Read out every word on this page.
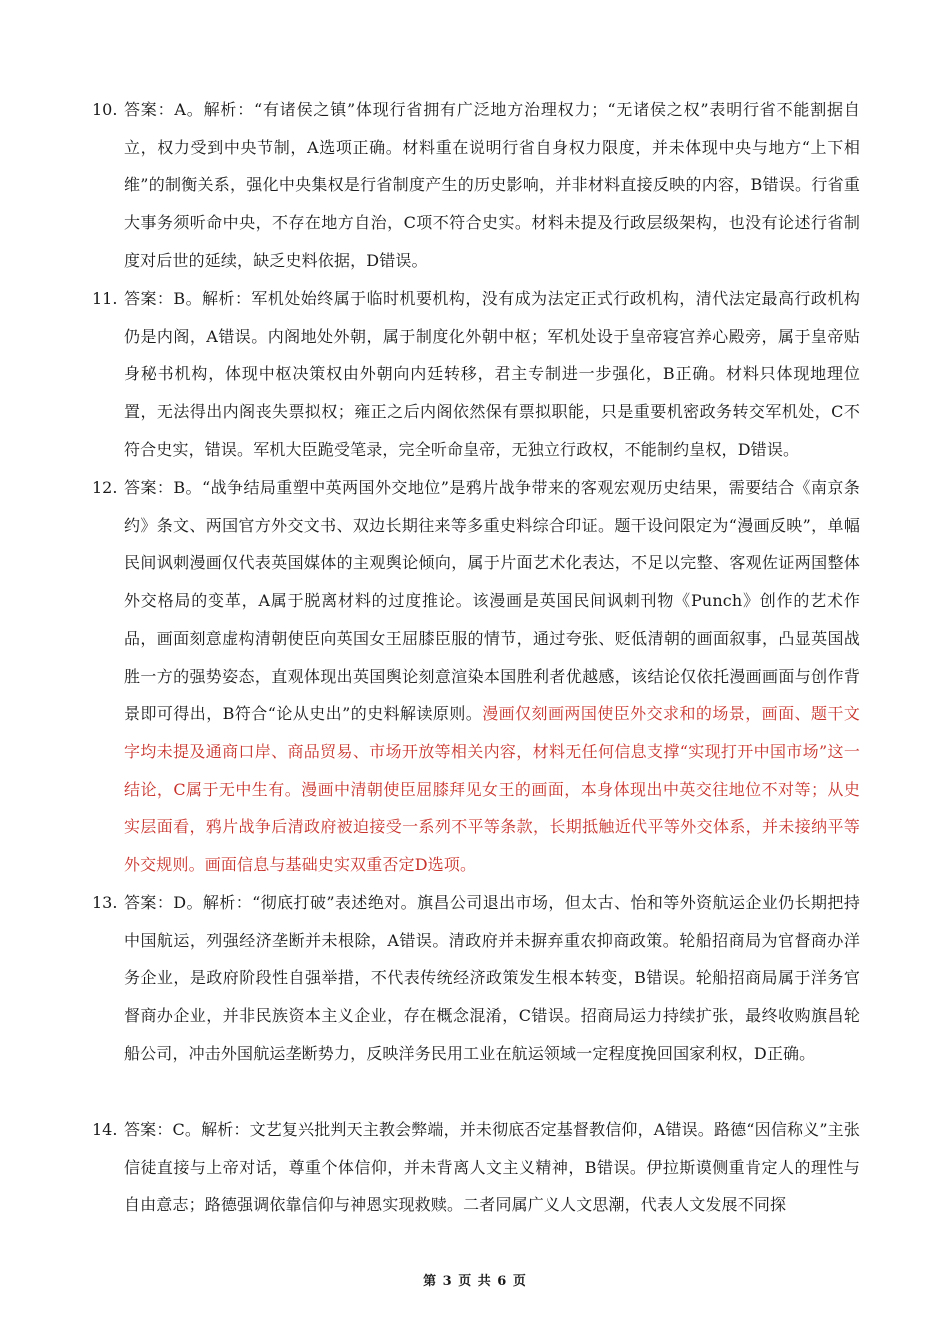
10. 答案：A。解析：“有诸侯之镇”体现行省拥有广泛地方治理权力；“无诸侯之权”表明行省不能割据自立，权力受到中央节制，A选项正确。材料重在说明行省自身权力限度，并未体现中央与地方“上下相维”的制衡关系，强化中央集权是行省制度产生的历史影响，并非材料直接反映的内容，B错误。行省重大事务须听命中央，不存在地方自治，C项不符合史实。材料未提及行政层级架构，也没有论述行省制度对后世的延续，缺乏史料依据，D错误。
11. 答案：B。解析：军机处始终属于临时机要机构，没有成为法定正式行政机构，清代法定最高行政机构仍是内阁，A错误。内阁地处外朝，属于制度化外朝中枢；军机处设于皇帝寝宫养心殿旁，属于皇帝贴身秘书机构，体现中枢决策权由外朝向内廷转移，君主专制进一步强化，B正确。材料只体现地理位置，无法得出内阁丧失票拟权；雍正之后内阁依然保有票拟职能，只是重要机密政务转交军机处，C不符合史实，错误。军机大臣跪受笔录，完全听命皇帝，无独立行政权，不能制约皇权，D错误。
12. 答案：B。“战争结局重塑中英两国外交地位”是鸦片战争带来的客观宏观历史结果，需要结合《南京条约》条文、两国官方外交文书、双边长期往来等多重史料综合印证。题干设问限定为“漫画反映”，单幅民间讽刺漫画仅代表英国媒体的主观舆论倾向，属于片面艺术化表达，不足以完整、客观佐证两国整体外交格局的变革，A属于脱离材料的过度推论。该漫画是英国民间讽刺刊物《Punch》创作的艺术作品，画面刻意虚构清朝使臣向英国女王屈膝臣服的情节，通过夸张、贬低清朝的画面叙事，凸显英国战胜一方的强势姿态，直观体现出英国舆论刻意渲染本国胜利者优越感，该结论仅依托漫画画面与创作背景即可得出，B符合“论从史出”的史料解读原则。漫画仅刻画两国使臣外交求和的场景，画面、题干文字均未提及通商口岸、商品贸易、市场开放等相关内容，材料无任何信息支撑“实现打开中国市场”这一结论，C属于无中生有。漫画中清朝使臣屈膝拜见女王的画面，本身体现出中英交往地位不对等；从史实层面看，鸦片战争后清政府被迫接受一系列不平等条款，长期抵触近代平等外交体系，并未接纳平等外交规则。画面信息与基础史实双重否定D选项。
13. 答案：D。解析：“彻底打破”表述绝对。旗昌公司退出市场，但太古、怡和等外资航运企业仍长期把持中国航运，列强经济垄断并未根除，A错误。清政府并未摒弃重农抑商政策。轮船招商局为官督商办洋务企业，是政府阶段性自强举措，不代表传统经济政策发生根本转变，B错误。轮船招商局属于洋务官督商办企业，并非民族资本主义企业，存在概念混淆，C错误。招商局运力持续扩张，最终收购旗昌轮船公司，冲击外国航运垄断势力，反映洋务民用工业在航运领域一定程度挽回国家利权，D正确。
14. 答案：C。解析：文艺复兴批判天主教会弊端，并未彻底否定基督教信仰，A错误。路德“因信称义”主张信徒直接与上帝对话，尊重个体信仰，并未背离人文主义精神，B错误。伊拉斯谟侧重肯定人的理性与自由意志；路德强调依靠信仰与神恩实现救赎。二者同属广义人文思潮，代表人文发展不同探
第 3 页 共 6 页
